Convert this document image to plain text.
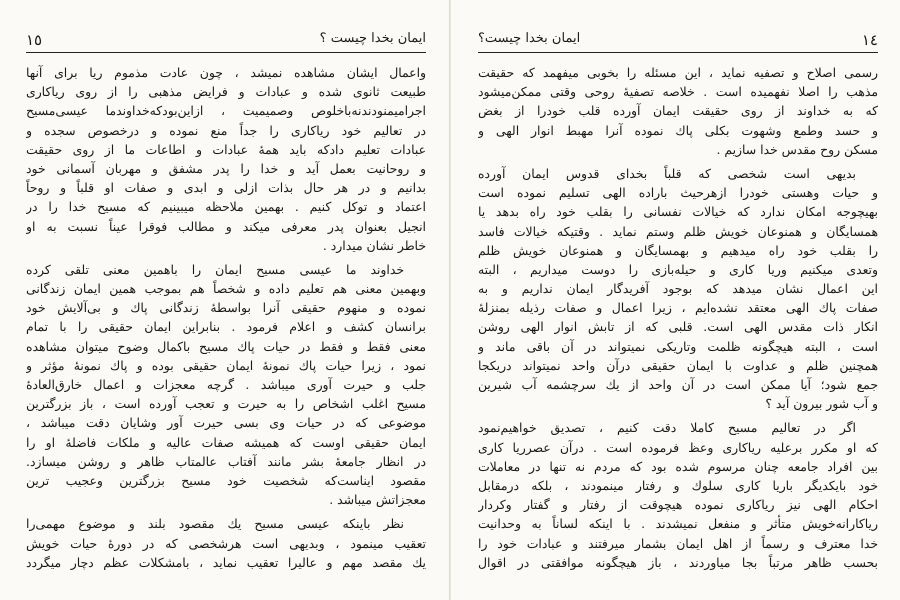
١٤
ايمان بخدا چيست؟
رسمى اصلاح و تصفيه نمايد ، اين مسئله را بخوبى ميفهمد كه حقيقت
مذهب را اصلا نفهميده است . خلاصه تصفيهٔ روحى وقتى ممكن‌ميشود
كه به خداوند از روى حقيقت ايمان آورده قلب خودرا از بغض
و حسد وطمع وشهوت بكلى پاك نموده آنرا مهبط انوار الهى و
مسكن روح مقدس خدا سازيم .
بديهى است شخصى كه قلباً بخداى قدوس ايمان آورده
و حيات وهستى خودرا ازهرحيث باراده الهى تسليم نموده است
بهيچوجه امكان ندارد كه خيالات نفسانى را بقلب خود راه بدهد يا
همسايگان و همنوعان خويش ظلم وستم نمايد . وقتيكه خيالات فاسد
را بقلب خود راه ميدهيم و بهمسايگان و همنوعان خويش ظلم
وتعدى ميكنيم وريا كارى و حيله‌بازى را دوست ميداريم ، البته
اين اعمال نشان ميدهد كه بوجود آفريدگار ايمان نداريم و به
صفات پاك الهى معتقد نشده‌ايم ، زيرا اعمال و صفات رذيله بمنزلهٔ
انكار ذات مقدس الهى است. قلبى كه از تابش انوار الهى روشن
است ، البته هيچگونه ظلمت وتاريكى نميتواند در آن باقى ماند و
همچنين ظلم و عداوت با ايمان حقيقى درآن واحد نميتواند دريكجا
جمع شود؛ آيا ممكن است در آن واحد از يك سرچشمه آب شيرين
و آب شور بيرون آيد ؟
اگر در تعاليم مسيح كاملا دقت كنيم ، تصديق خواهيم‌نمود
كه او مكرر برعليه رياكارى وعظ فرموده است . درآن عصرريا كارى
بين افراد جامعه چنان مرسوم شده بود كه مردم نه تنها در معاملات
خود بايكديگر باريا كارى سلوك و رفتار مينمودند ، بلكه درمقابل
احكام الهى نيز رياكارى نموده هيچوقت از رفتار و گفتار وكردار
رياكارانه‌خويش متأثر و منفعل نميشدند . با اينكه لساناً به وحدانيت
خدا معترف و رسماً از اهل ايمان بشمار ميرفتند و عبادات خود را
بحسب ظاهر مرتباً بجا مياوردند ، باز هيچگونه موافقتى در اقوال
١٥	ايمان بخدا چيست ؟
واعمال ايشان مشاهده نميشد ، چون عادت مذموم ريا براى آنها
طبيعت ثانوى شده و عبادات و فرايض مذهبى را از روى رياكارى
اجراميمنودندنه‌باخلوص وصميميت ، ازاين‌بودكه‌خداوندما عيسى‌مسيح
در تعاليم خود رياكارى را جداً منع نموده و درخصوص سجده و
عبادات تعليم دادكه بايد همهٔ عبادات و اطاعات ما از روى حقيقت
و روحانيت بعمل آيد و خدا را پدر مشفق و مهربان آسمانى خود
بدانيم و در هر حال بذات ازلى و ابدى و صفات او قلباً و روحاً
اعتماد و توكل كنيم . بهمين ملاحظه ميبينيم كه مسيح خدا را در
انجيل بعنوان پدر معرفى ميكند و مطالب فوقرا عيناً نسبت به او
خاطر نشان ميدارد .
خداوند ما عيسى مسيح ايمان را باهمين معنى تلقى كرده
وبهمين معنى هم تعليم داده و شخصاً هم بموجب همين ايمان زندگانى
نموده و منهوم حقيقى آنرا بواسطهٔ زندگانى پاك و بى‌آلايش خود
برانسان كشف و اعلام فرمود . بنابراين ايمان حقيقى را با تمام
معنى فقط و فقط در حيات پاك مسيح باكمال وضوح ميتوان مشاهده
نمود ، زيرا حيات پاك نمونهٔ ايمان حقيقى بوده و پاك نمونهٔ مؤثر و
جلب و حيرت آورى ميباشد . گرچه معجزات و اعمال خارق‌العادهٔ
مسيح اغلب اشخاص را به حيرت و تعجب آورده است ، باز بزرگترين
موضوعى كه در حيات وى بسى حيرت آور وشايان دقت ميباشد ،
ايمان حقيقى اوست كه هميشه صفات عاليه و ملكات فاضلهٔ او را
در انظار جامعهٔ بشر مانند آفتاب عالمتاب ظاهر و روشن ميسازد.
مقصود ايناست‌كه شخصيت خود مسيح بزرگترين وعجيب ترين
معجزاتش ميباشد .
نظر باينكه عيسى مسيح يك مقصود بلند و موضوع مهمى‌را
تعقيب مينمود ، وبديهى است هرشخصى كه در دورهٔ حيات خويش
يك مقصد مهم و عاليرا تعقيب نمايد ، بامشكلات عظم دچار ميگردد
